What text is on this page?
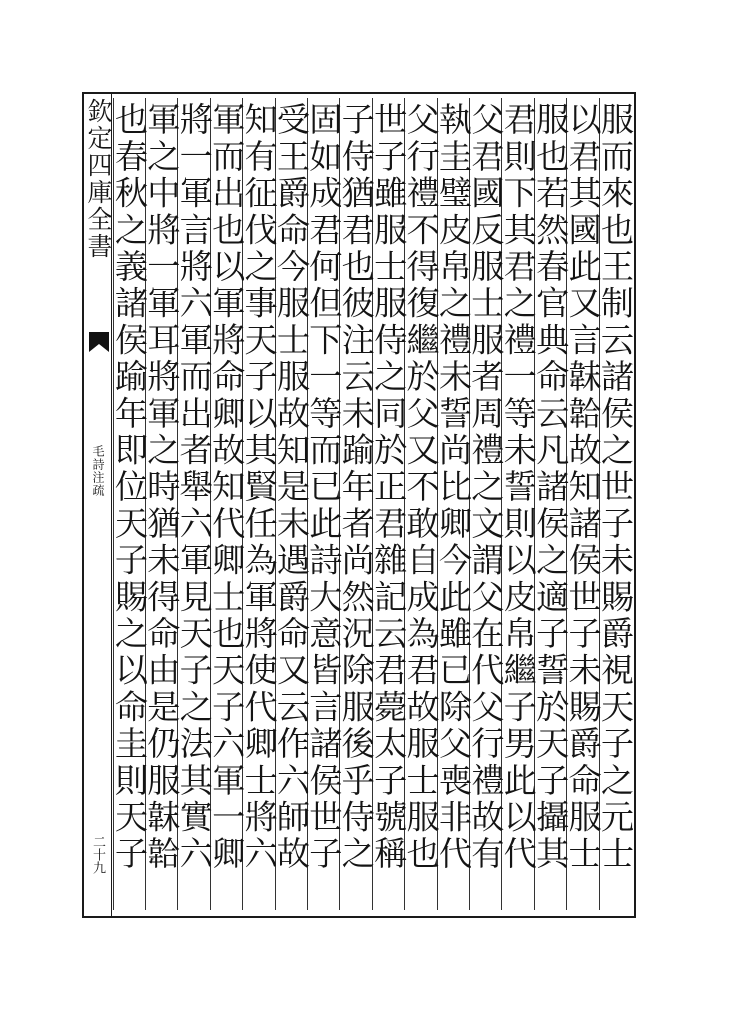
欽定四庫全書
毛詩注疏
二十九	服而來也王制云諸侯之世子未賜爵視天子之元士
以君其國此又言韎韐故知諸侯世子未賜爵命服士
服也若然春官典命云凡諸侯之適子誓於天子攝其
君則下其君之禮一等未誓則以皮帛繼子男此以代
父君國反服士服者周禮之文謂父在代父行禮故有
執圭璧皮帛之禮未誓尚比卿今此雖已除父喪非代
父行禮不得復繼於父又不敢自成為君故服士服也
世子雖服士服侍之同於正君雜記云君薨太子號稱
子侍猶君也彼注云未踰年者尚然況除服後乎侍之
固如成君何但下一等而已此詩大意皆言諸侯世子
受王爵命今服士服故知是未遇爵命又云作六師故
知有征伐之事天子以其賢任為軍將使代卿士將六
軍而出也以軍將命卿故知代卿士也天子六軍一卿
將一軍言將六軍而出者舉六軍見天子之法其實六
軍之中將一軍耳將軍之時猶未得命由是仍服韎韐
也春秋之義諸侯踰年即位天子賜之以命圭則天子
